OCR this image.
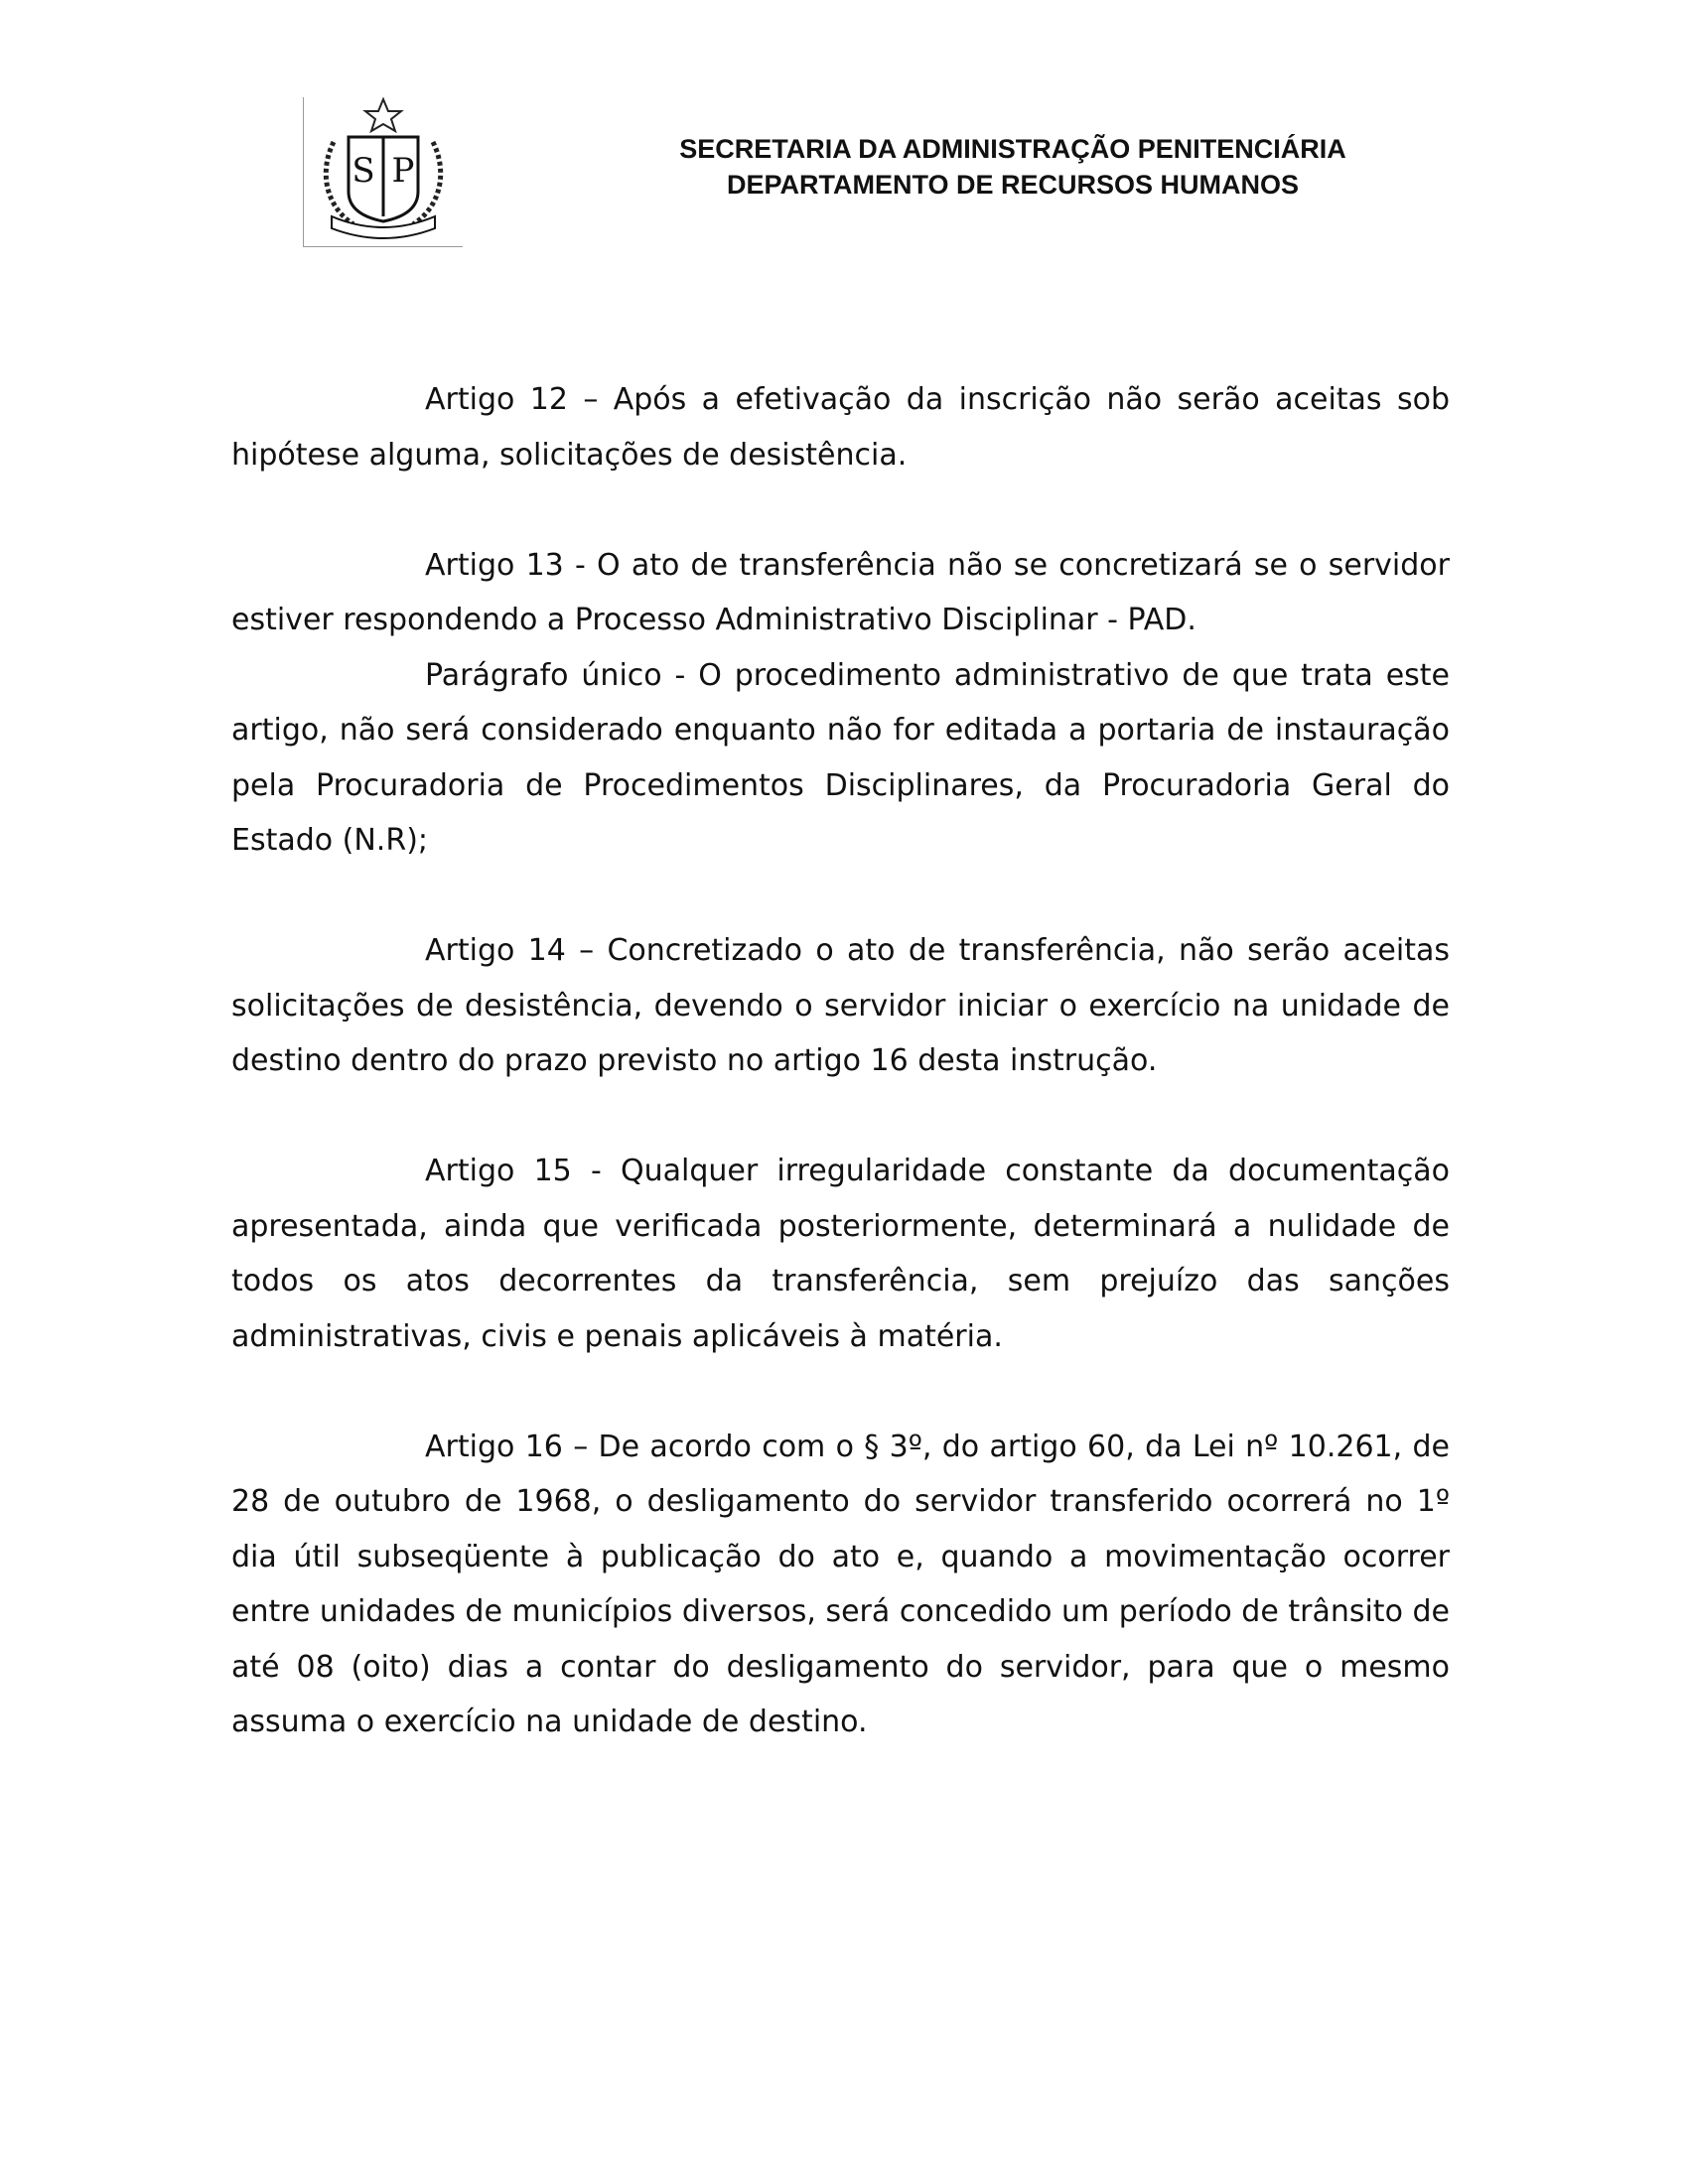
S P
SECRETARIA DA ADMINISTRAÇÃO PENITENCIÁRIA
DEPARTAMENTO DE RECURSOS HUMANOS

Artigo 12 – Após a efetivação da inscrição não serão aceitas sob hipótese alguma, solicitações de desistência.

Artigo 13 - O ato de transferência não se concretizará se o servidor estiver respondendo a Processo Administrativo Disciplinar - PAD.

Parágrafo único - O procedimento administrativo de que trata este artigo, não será considerado enquanto não for editada a portaria de instauração pela Procuradoria de Procedimentos Disciplinares, da Procuradoria Geral do Estado (N.R);

Artigo 14 – Concretizado o ato de transferência, não serão aceitas solicitações de desistência, devendo o servidor iniciar o exercício na unidade de destino dentro do prazo previsto no artigo 16 desta instrução.

Artigo 15 - Qualquer irregularidade constante da documentação apresentada, ainda que verificada posteriormente, determinará a nulidade de todos os atos decorrentes da transferência, sem prejuízo das sanções administrativas, civis e penais aplicáveis à matéria.

Artigo 16 – De acordo com o § 3º, do artigo 60, da Lei nº 10.261, de 28 de outubro de 1968, o desligamento do servidor transferido ocorrerá no 1º dia útil subseqüente à publicação do ato e, quando a movimentação ocorrer entre unidades de municípios diversos, será concedido um período de trânsito de até 08 (oito) dias a contar do desligamento do servidor, para que o mesmo assuma o exercício na unidade de destino.
